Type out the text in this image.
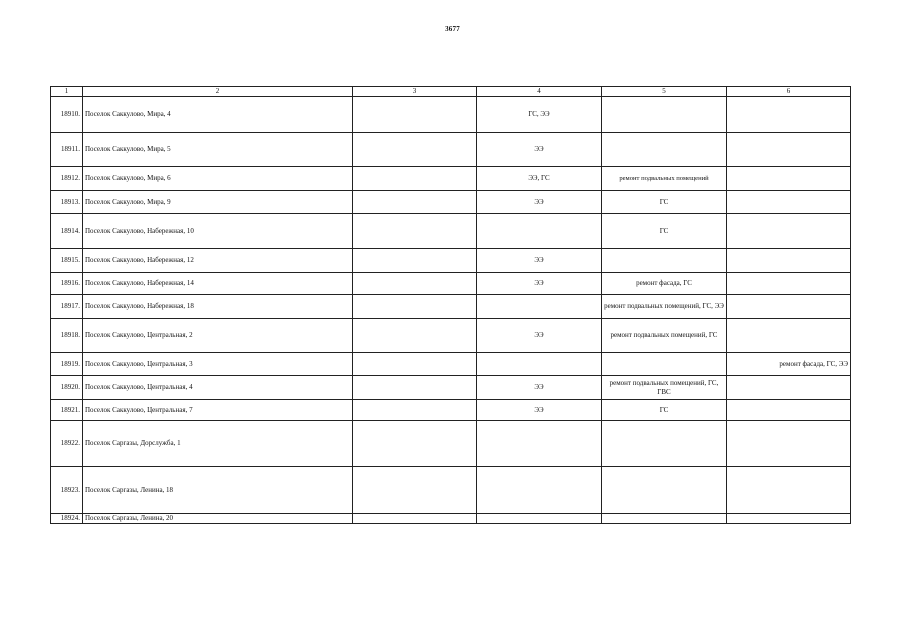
3677
1	2	3	4	5	6
18910.	Поселок Саккулово, Мира, 4		ГС, ЭЭ		
18911.	Поселок Саккулово, Мира, 5		ЭЭ		
18912.	Поселок Саккулово, Мира, 6		ЭЭ, ГС	ремонт подвальных помещений	
18913.	Поселок Саккулово, Мира, 9		ЭЭ	ГС	
18914.	Поселок Саккулово, Набережная, 10			ГС	
18915.	Поселок Саккулово, Набережная, 12		ЭЭ		
18916.	Поселок Саккулово, Набережная, 14		ЭЭ	ремонт фасада, ГС	
18917.	Поселок Саккулово, Набережная, 18			ремонт подвальных помещений, ГС, ЭЭ	
18918.	Поселок Саккулово, Центральная, 2		ЭЭ	ремонт подвальных помещений, ГС	
18919.	Поселок Саккулово, Центральная, 3				ремонт фасада, ГС, ЭЭ
18920.	Поселок Саккулово, Центральная, 4		ЭЭ	ремонт подвальных помещений, ГС, ГВС	
18921.	Поселок Саккулово, Центральная, 7		ЭЭ	ГС	
18922.	Поселок Саргазы, Дорслужба, 1				
18923.	Поселок Саргазы, Ленина, 18				
18924.	Поселок Саргазы, Ленина, 20				
